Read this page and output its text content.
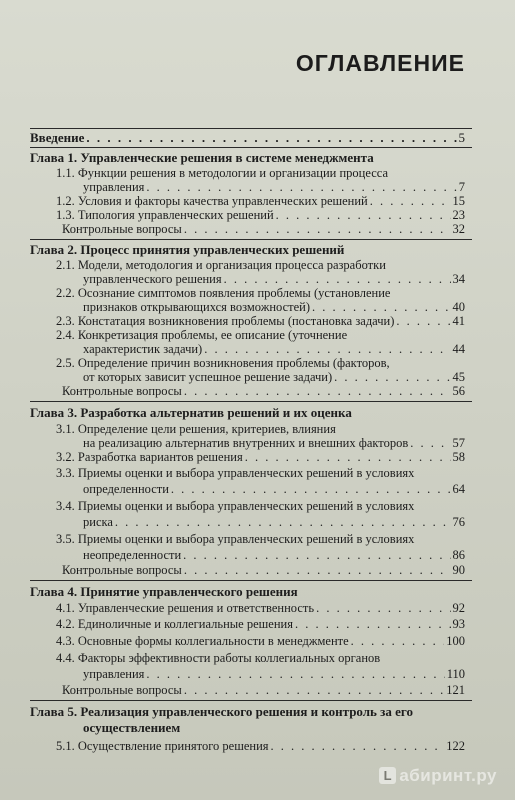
ОГЛАВЛЕНИЕ
Введение . . .	5
Глава 1. Управленческие решения в системе менеджмента
1.1. Функции решения в методологии и организации процесса
управления . . .	7
1.2. Условия и факторы качества управленческих решений . . .	15
1.3. Типология управленческих решений . . .	23
Контрольные вопросы . . .	32
Глава 2. Процесс принятия управленческих решений
2.1. Модели, методология и организация процесса разработки
управленческого решения . . .	34
2.2. Осознание симптомов появления проблемы (установление
признаков открывающихся возможностей) . . .	40
2.3. Констатация возникновения проблемы (постановка задачи) . . .	41
2.4. Конкретизация проблемы, ее описание (уточнение
характеристик задачи) . . .	44
2.5. Определение причин возникновения проблемы (факторов,
от которых зависит успешное решение задачи) . . .	45
Контрольные вопросы . . .	56
Глава 3. Разработка альтернатив решений и их оценка
3.1. Определение цели решения, критериев, влияния
на реализацию альтернатив внутренних и внешних факторов . . .	57
3.2. Разработка вариантов решения . . .	58
3.3. Приемы оценки и выбора управленческих решений в условиях
определенности . . .	64
3.4. Приемы оценки и выбора управленческих решений в условиях
риска . . .	76
3.5. Приемы оценки и выбора управленческих решений в условиях
неопределенности . . .	86
Контрольные вопросы . . .	90
Глава 4. Принятие управленческого решения
4.1. Управленческие решения и ответственность . . .	92
4.2. Единоличные и коллегиальные решения . . .	93
4.3. Основные формы коллегиальности в менеджменте . . .	100
4.4. Факторы эффективности работы коллегиальных органов
управления . . .	110
Контрольные вопросы . . .	121
Глава 5. Реализация управленческого решения и контроль за его
осуществлением
5.1. Осуществление принятого решения . . .	122
L абиринт.ру
